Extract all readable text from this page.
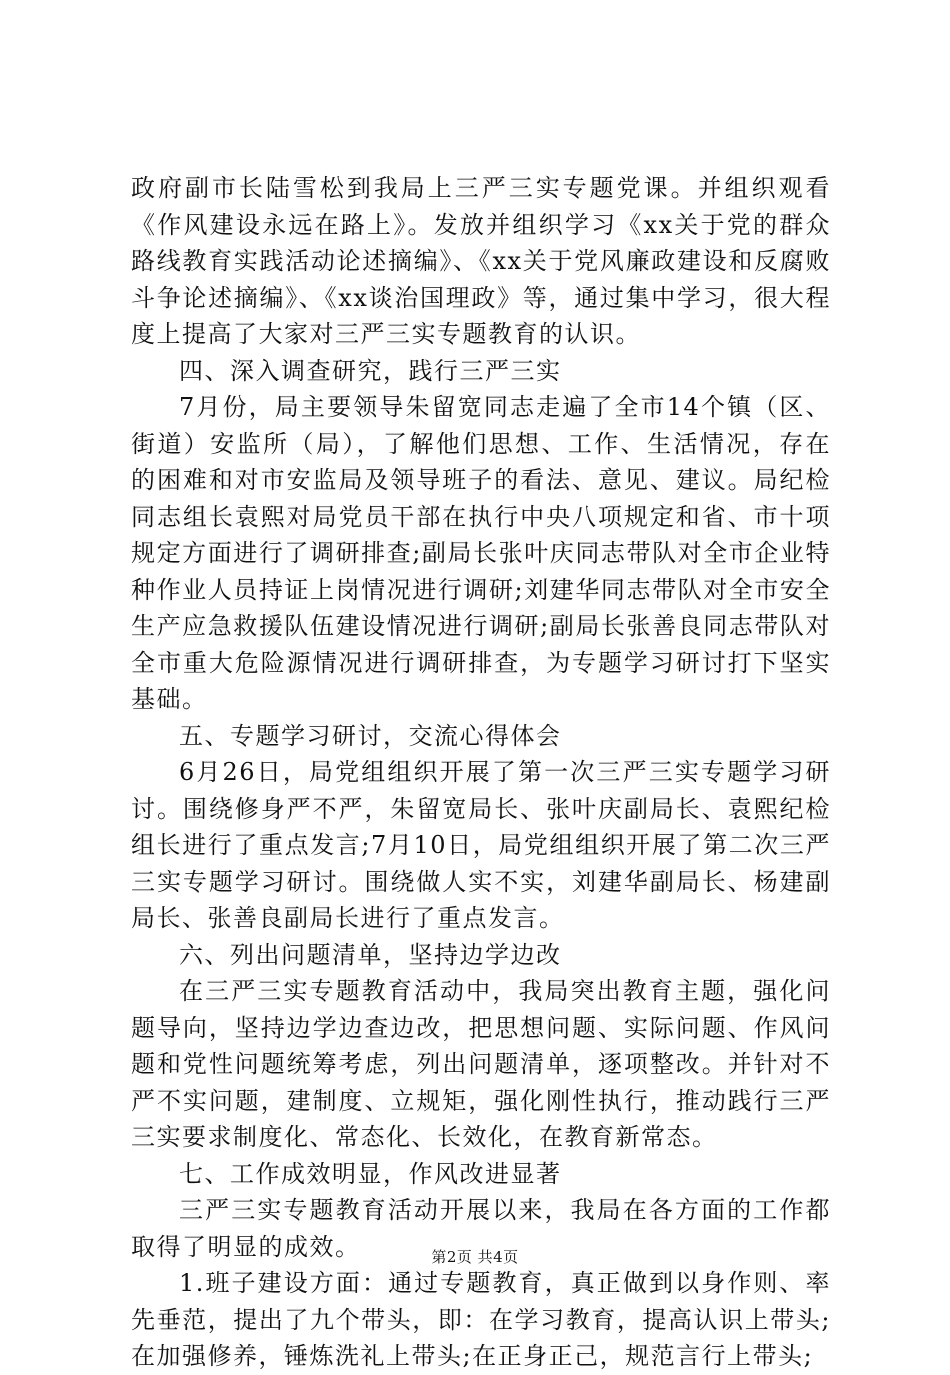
政府副市长陆雪松到我局上三严三实专题党课。并组织观看《作风建设永远在路上》。发放并组织学习《xx关于党的群众路线教育实践活动论述摘编》、《xx关于党风廉政建设和反腐败斗争论述摘编》、《xx谈治国理政》等，通过集中学习，很大程度上提高了大家对三严三实专题教育的认识。

四、深入调查研究，践行三严三实

7月份，局主要领导朱留宽同志走遍了全市14个镇（区、街道）安监所（局），了解他们思想、工作、生活情况，存在的困难和对市安监局及领导班子的看法、意见、建议。局纪检同志组长袁熙对局党员干部在执行中央八项规定和省、市十项规定方面进行了调研排查;副局长张叶庆同志带队对全市企业特种作业人员持证上岗情况进行调研;刘建华同志带队对全市安全生产应急救援队伍建设情况进行调研;副局长张善良同志带队对全市重大危险源情况进行调研排查，为专题学习研讨打下坚实基础。

五、专题学习研讨，交流心得体会

6月26日，局党组组织开展了第一次三严三实专题学习研讨。围绕修身严不严，朱留宽局长、张叶庆副局长、袁熙纪检组长进行了重点发言;7月10日，局党组组织开展了第二次三严三实专题学习研讨。围绕做人实不实，刘建华副局长、杨建副局长、张善良副局长进行了重点发言。

六、列出问题清单，坚持边学边改

在三严三实专题教育活动中，我局突出教育主题，强化问题导向，坚持边学边查边改，把思想问题、实际问题、作风问题和党性问题统筹考虑，列出问题清单，逐项整改。并针对不严不实问题，建制度、立规矩，强化刚性执行，推动践行三严三实要求制度化、常态化、长效化，在教育新常态。

七、工作成效明显，作风改进显著

三严三实专题教育活动开展以来，我局在各方面的工作都取得了明显的成效。

1.班子建设方面：通过专题教育，真正做到以身作则、率先垂范，提出了九个带头，即：在学习教育，提高认识上带头;在加强修养，锤炼洗礼上带头;在正身正己，规范言行上带头;

第2页 共4页
